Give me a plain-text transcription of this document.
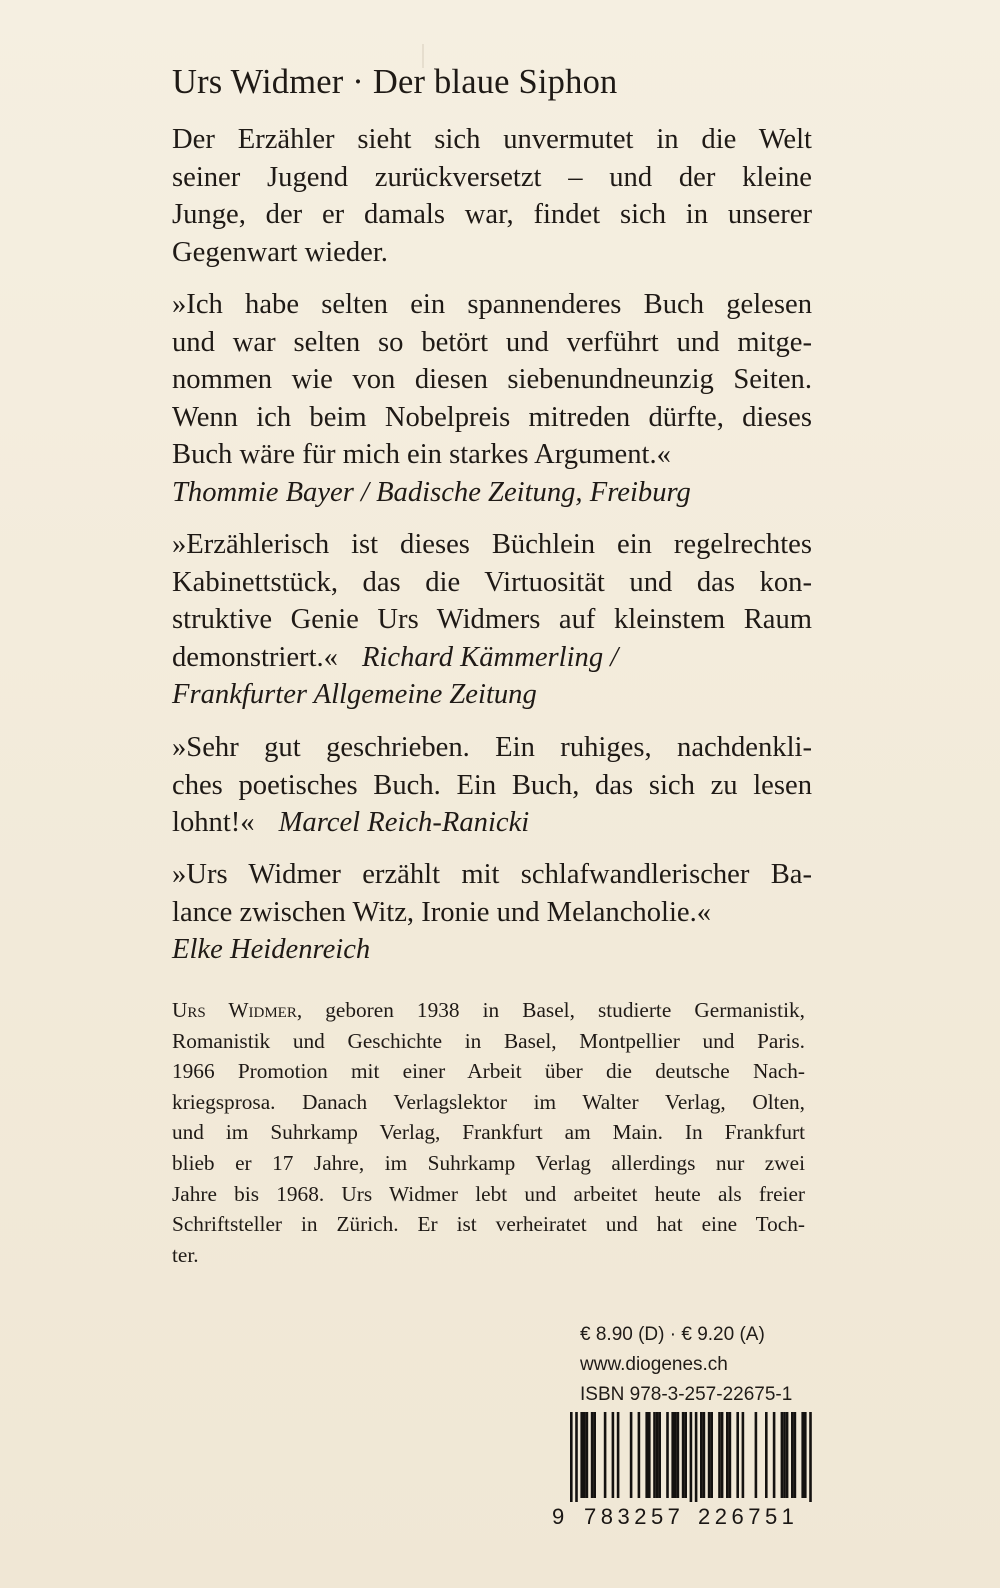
Urs Widmer · Der blaue Siphon
Der Erzähler sieht sich unvermutet in die Welt
seiner Jugend zurückversetzt – und der kleine
Junge, der er damals war, findet sich in unserer
Gegenwart wieder.
»Ich habe selten ein spannenderes Buch gelesen
und war selten so betört und verführt und mitge-
nommen wie von diesen siebenundneunzig Seiten.
Wenn ich beim Nobelpreis mitreden dürfte, dieses
Buch wäre für mich ein starkes Argument.«
Thommie Bayer / Badische Zeitung, Freiburg
»Erzählerisch ist dieses Büchlein ein regelrechtes
Kabinettstück, das die Virtuosität und das kon-
struktive Genie Urs Widmers auf kleinstem Raum
demonstriert.« Richard Kämmerling /
Frankfurter Allgemeine Zeitung
»Sehr gut geschrieben. Ein ruhiges, nachdenkli-
ches poetisches Buch. Ein Buch, das sich zu lesen
lohnt!« Marcel Reich-Ranicki
»Urs Widmer erzählt mit schlafwandlerischer Ba-
lance zwischen Witz, Ironie und Melancholie.«
Elke Heidenreich
Urs Widmer, geboren 1938 in Basel, studierte Germanistik,
Romanistik und Geschichte in Basel, Montpellier und Paris.
1966 Promotion mit einer Arbeit über die deutsche Nach-
kriegsprosa. Danach Verlagslektor im Walter Verlag, Olten,
und im Suhrkamp Verlag, Frankfurt am Main. In Frankfurt
blieb er 17 Jahre, im Suhrkamp Verlag allerdings nur zwei
Jahre bis 1968. Urs Widmer lebt und arbeitet heute als freier
Schriftsteller in Zürich. Er ist verheiratet und hat eine Toch-
ter.
€ 8.90 (D) · € 9.20 (A)
www.diogenes.ch
ISBN 978-3-257-22675-1
9 783257 226751
